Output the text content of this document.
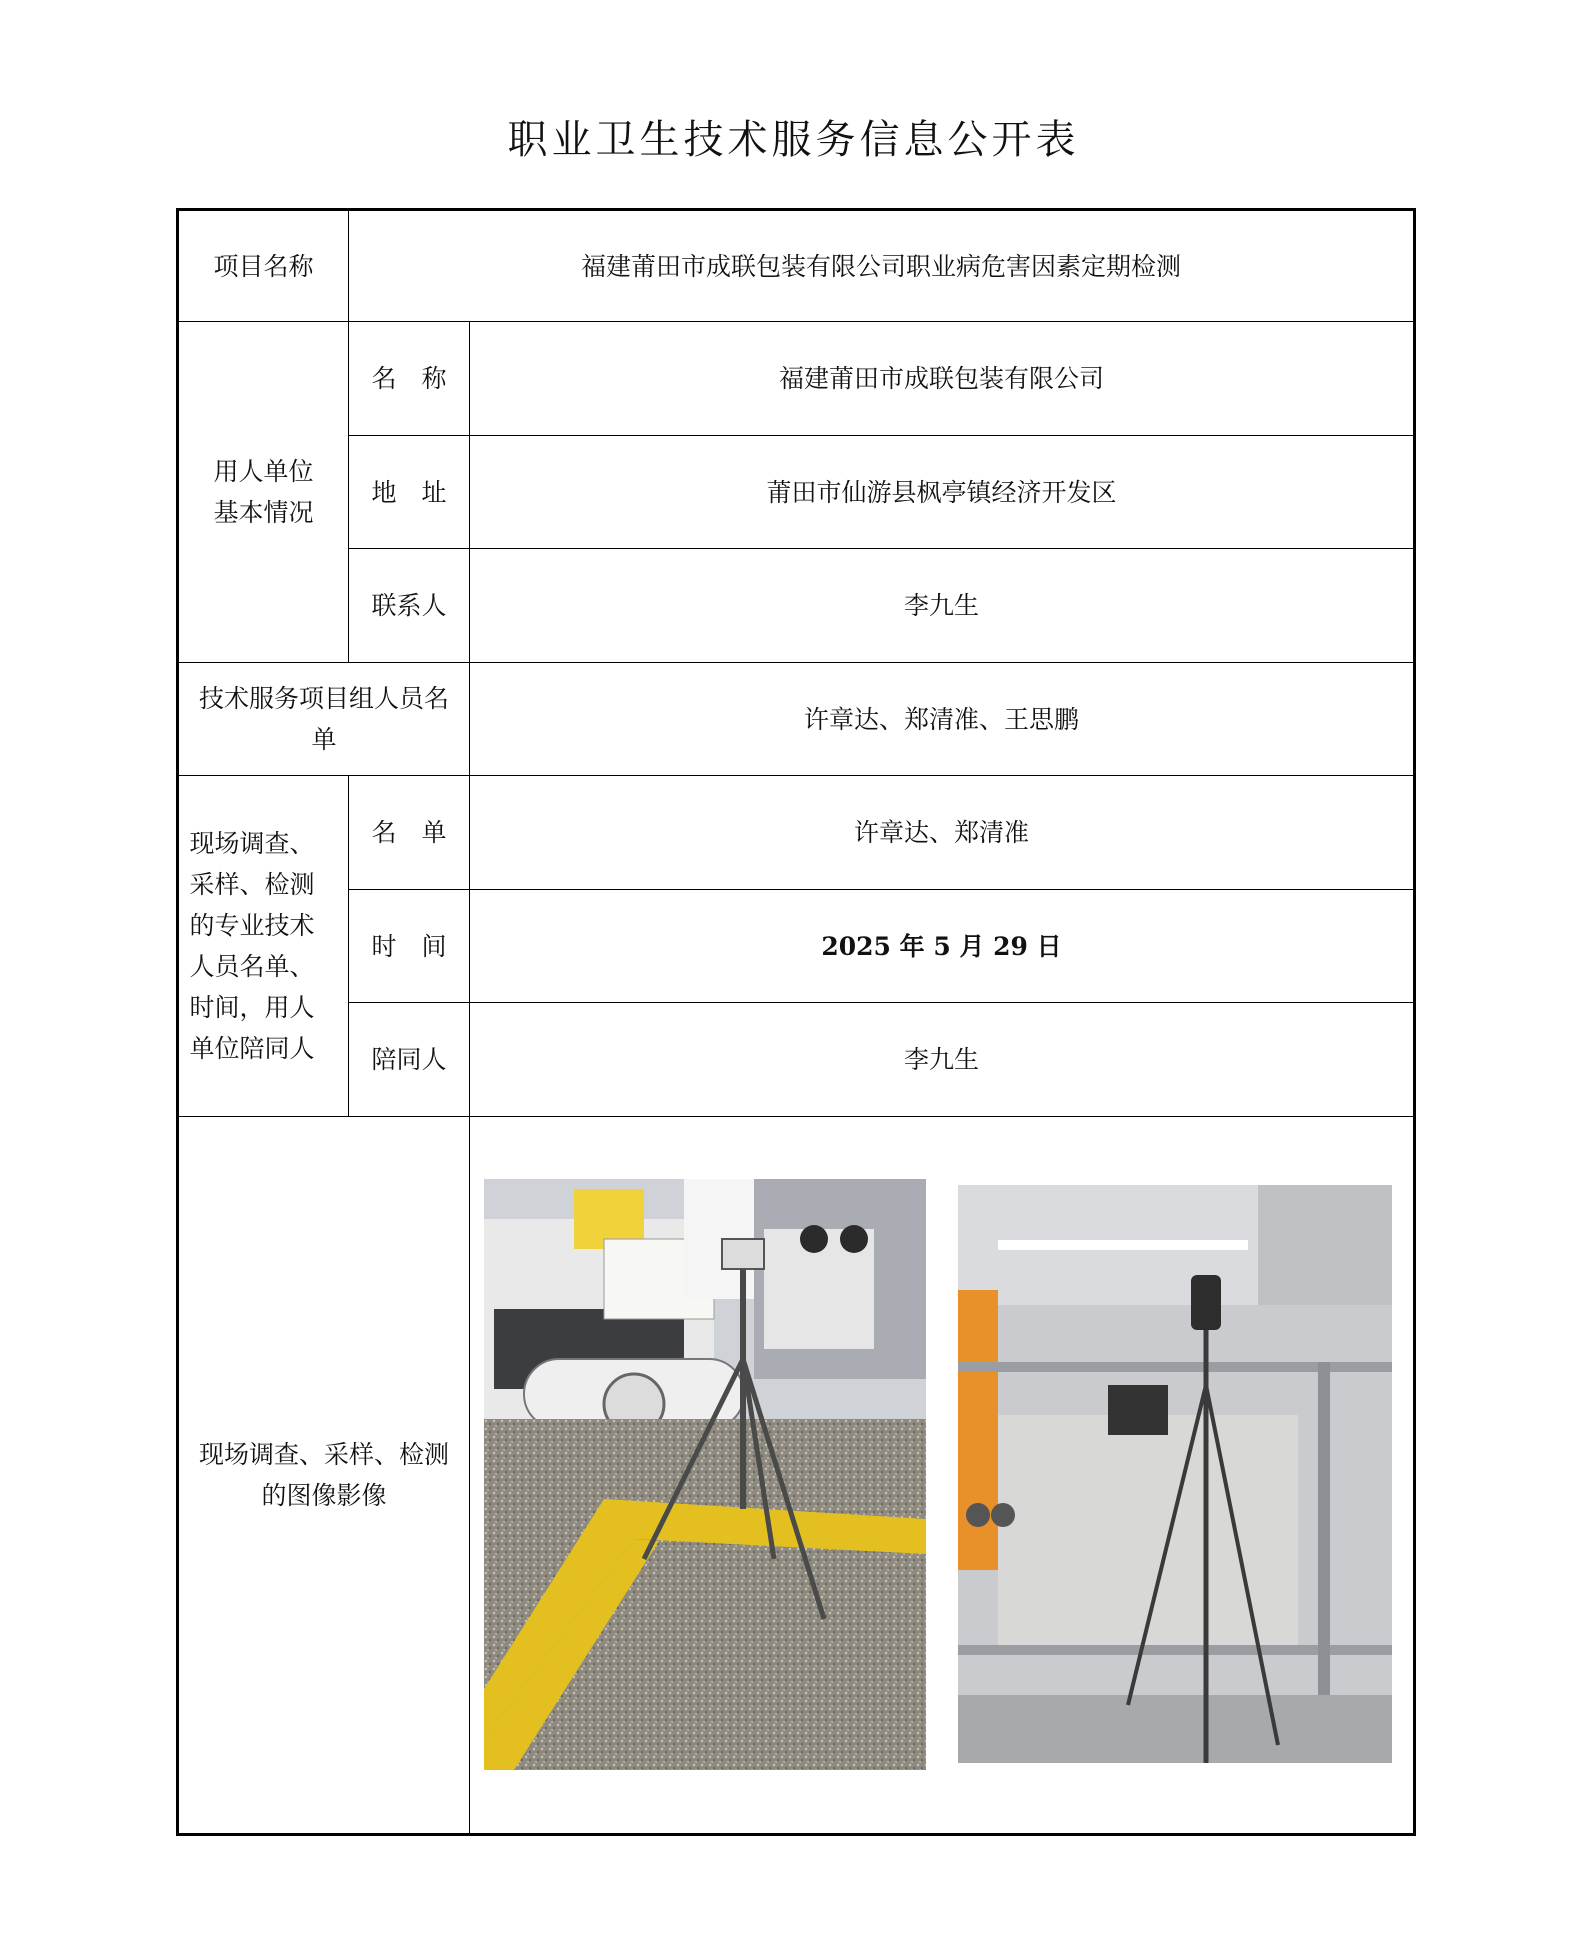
职业卫生技术服务信息公开表
项目名称	福建莆田市成联包装有限公司职业病危害因素定期检测	

用人单位基本情况	名　称	福建莆田市成联包装有限公司
	地　址	莆田市仙游县枫亭镇经济开发区
	联系人	李九生

技术服务项目组人员名单		许章达、郑清准、王思鹏

现场调查、采样、检测的专业技术人员名单、时间，用人单位陪同人	名　单	许章达、郑清准
	时　间	2025 年 5 月 29 日
	陪同人	李九生

现场调查、采样、检测的图像影像
